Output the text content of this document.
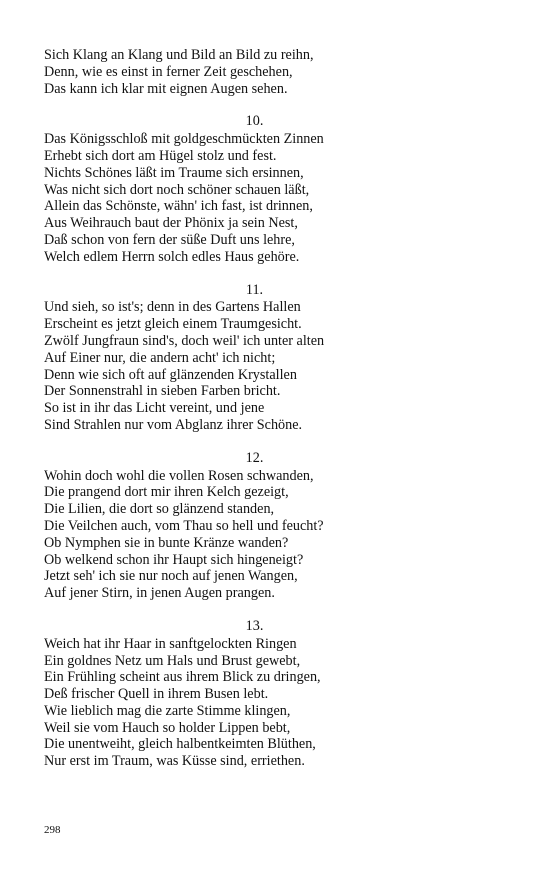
Sich Klang an Klang und Bild an Bild zu reihn,
Denn, wie es einst in ferner Zeit geschehen,
Das kann ich klar mit eignen Augen sehen.
10.
Das Königsschloß mit goldgeschmückten Zinnen
Erhebt sich dort am Hügel stolz und fest.
Nichts Schönes läßt im Traume sich ersinnen,
Was nicht sich dort noch schöner schauen läßt,
Allein das Schönste, wähn' ich fast, ist drinnen,
Aus Weihrauch baut der Phönix ja sein Nest,
Daß schon von fern der süße Duft uns lehre,
Welch edlem Herrn solch edles Haus gehöre.
11.
Und sieh, so ist's; denn in des Gartens Hallen
Erscheint es jetzt gleich einem Traumgesicht.
Zwölf Jungfraun sind's, doch weil' ich unter alten
Auf Einer nur, die andern acht' ich nicht;
Denn wie sich oft auf glänzenden Krystallen
Der Sonnenstrahl in sieben Farben bricht.
So ist in ihr das Licht vereint, und jene
Sind Strahlen nur vom Abglanz ihrer Schöne.
12.
Wohin doch wohl die vollen Rosen schwanden,
Die prangend dort mir ihren Kelch gezeigt,
Die Lilien, die dort so glänzend standen,
Die Veilchen auch, vom Thau so hell und feucht?
Ob Nymphen sie in bunte Kränze wanden?
Ob welkend schon ihr Haupt sich hingeneigt?
Jetzt seh' ich sie nur noch auf jenen Wangen,
Auf jener Stirn, in jenen Augen prangen.
13.
Weich hat ihr Haar in sanftgelockten Ringen
Ein goldnes Netz um Hals und Brust gewebt,
Ein Frühling scheint aus ihrem Blick zu dringen,
Deß frischer Quell in ihrem Busen lebt.
Wie lieblich mag die zarte Stimme klingen,
Weil sie vom Hauch so holder Lippen bebt,
Die unentweiht, gleich halbentkeimten Blüthen,
Nur erst im Traum, was Küsse sind, erriethen.
298
